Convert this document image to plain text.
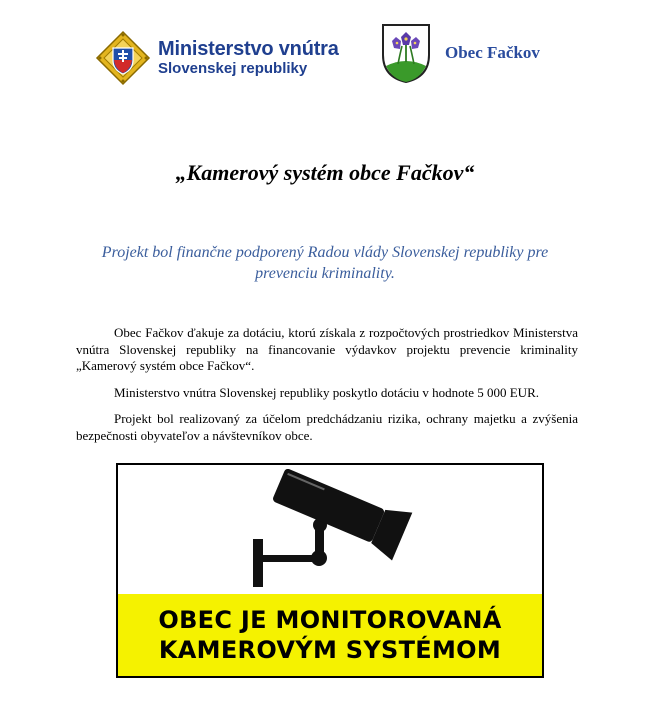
Ministerstvo vnútra
Slovenskej republiky
Obec Fačkov
„Kamerový systém obce Fačkov“
Projekt bol finančne podporený Radou vlády Slovenskej republiky pre prevenciu kriminality.

Obec Fačkov ďakuje za dotáciu, ktorú získala z rozpočtových prostriedkov Ministerstva vnútra Slovenskej republiky na financovanie výdavkov projektu prevencie kriminality „Kamerový systém obce Fačkov“.

Ministerstvo vnútra Slovenskej republiky poskytlo dotáciu v hodnote 5 000 EUR.

Projekt bol realizovaný za účelom predchádzaniu rizika, ochrany majetku a zvýšenia bezpečnosti obyvateľov a návštevníkov obce.

OBEC JE MONITOROVANÁ
KAMEROVÝM SYSTÉMOM
